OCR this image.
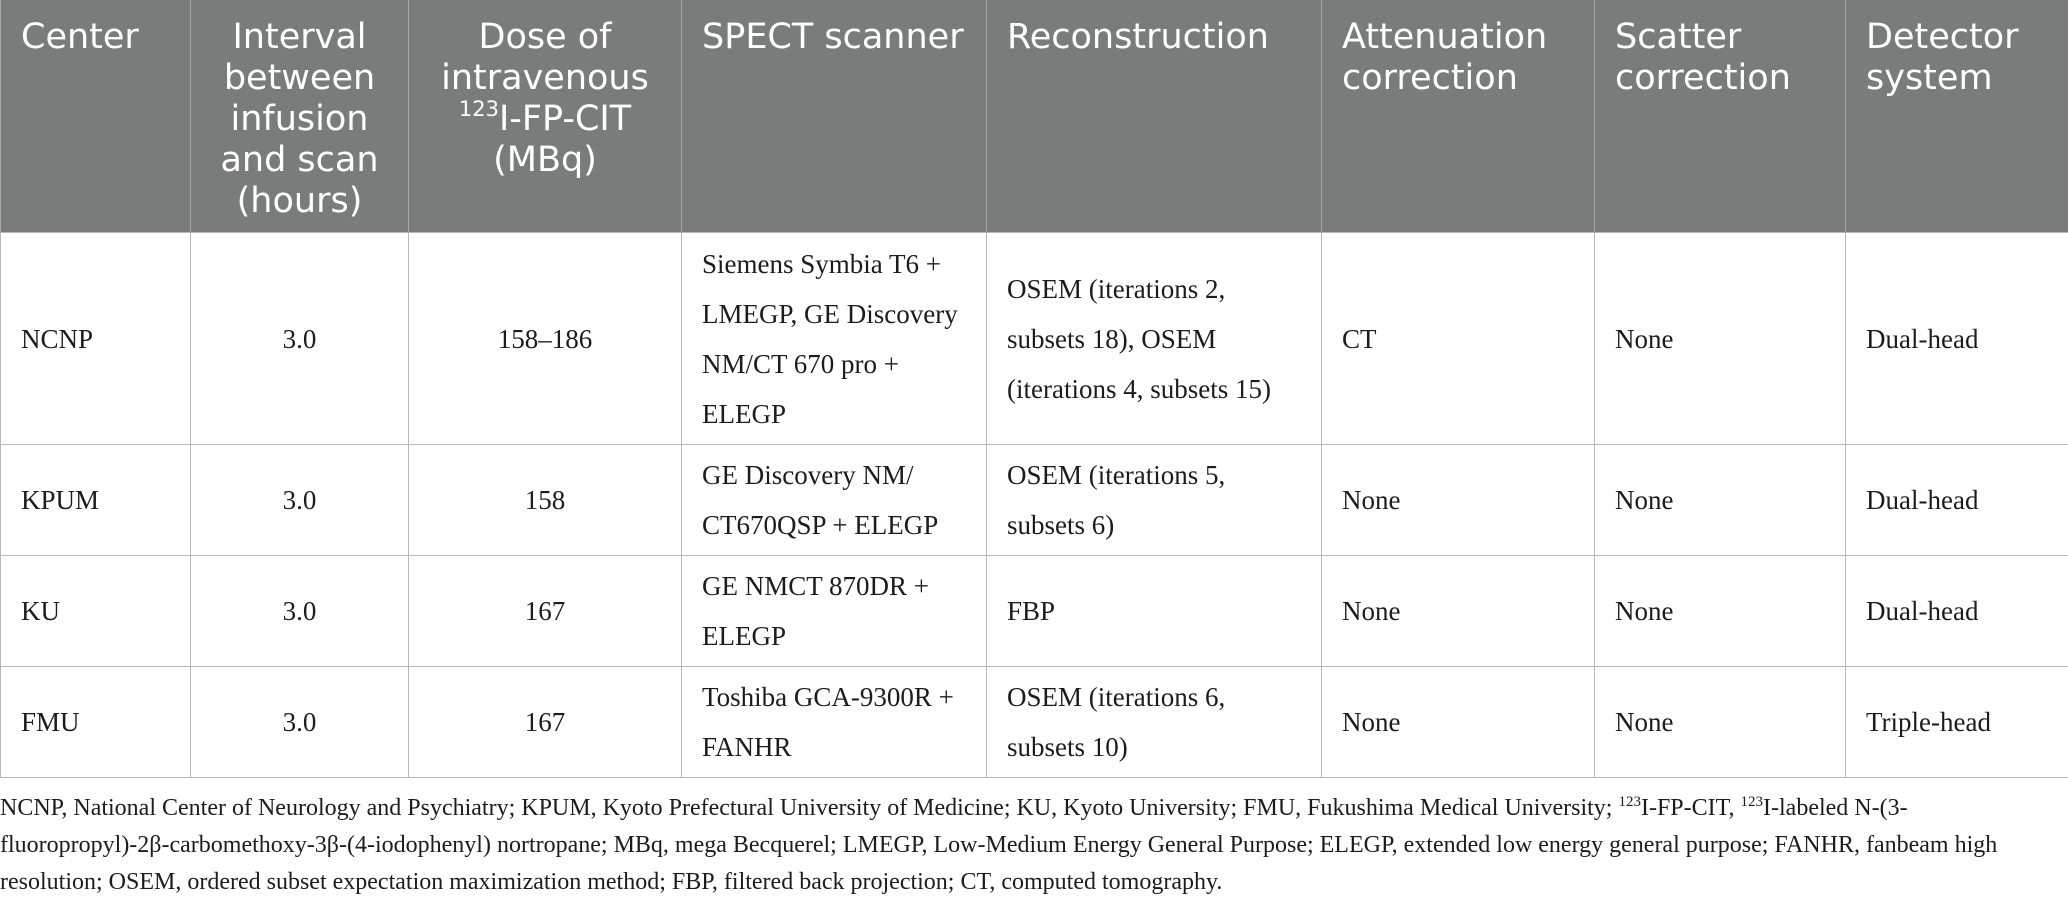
Center	Interval between infusion and scan (hours)	Dose of intravenous
$^{123}$I-FP-CIT (MBq)	SPECT scanner	Reconstruction	Attenuation correction	Scatter correction	Detector system
NCNP	3.0	158–186	Siemens Symbia T6 + LMEGP, GE Discovery NM/CT 670 pro + ELEGP	OSEM (iterations 2, subsets 18), OSEM (iterations 4, subsets 15)	CT	None	Dual-head
KPUM	3.0	158	GE Discovery NM/ CT670QSP + ELEGP	OSEM (iterations 5, subsets 6)	None	None	Dual-head
KU	3.0	167	GE NMCT 870DR + ELEGP	FBP	None	None	Dual-head
FMU	3.0	167	Toshiba GCA-9300R + FANHR	OSEM (iterations 6, subsets 10)	None	None	Triple-head
NCNP, National Center of Neurology and Psychiatry; KPUM, Kyoto Prefectural University of Medicine; KU, Kyoto University; FMU, Fukushima Medical University; $^{123}$I-FP-CIT, $^{123}$I-labeled N-(3-fluoropropyl)-2β-carbomethoxy-3β-(4-iodophenyl) nortropane; MBq, mega Becquerel; LMEGP, Low-Medium Energy General Purpose; ELEGP, extended low energy general purpose; FANHR, fanbeam high resolution; OSEM, ordered subset expectation maximization method; FBP, filtered back projection; CT, computed tomography.
